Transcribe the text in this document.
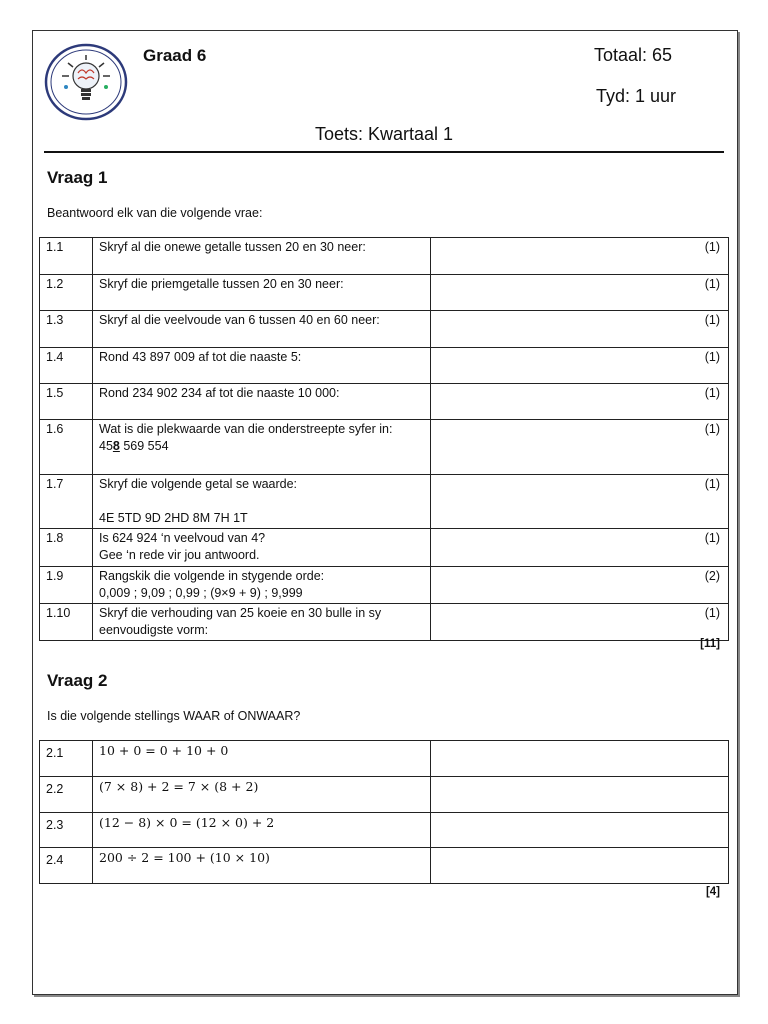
Graad 6	Totaal: 65
Tyd: 1 uur
Toets: Kwartaal 1
Vraag 1
Beantwoord elk van die volgende vrae:
1.1	Skryf al die onewe getalle tussen 20 en 30 neer:	(1)
1.2	Skryf die priemgetalle tussen 20 en 30 neer:	(1)
1.3	Skryf al die veelvoude van 6 tussen 40 en 60 neer:	(1)
1.4	Rond 43 897 009 af tot die naaste 5:	(1)
1.5	Rond 234 902 234 af tot die naaste 10 000:	(1)
1.6	Wat is die plekwaarde van die onderstreepte syfer in:
458 569 554	(1)
1.7	Skryf die volgende getal se waarde:
4E 5TD 9D 2HD 8M 7H 1T	(1)
1.8	Is 624 924 ‘n veelvoud van 4?
Gee ‘n rede vir jou antwoord.	(1)
1.9	Rangskik die volgende in stygende orde:
0,009 ; 9,09 ; 0,99 ; (9×9 + 9) ; 9,999	(2)
1.10	Skryf die verhouding van 25 koeie en 30 bulle in sy eenvoudigste vorm:	(1)
[11]
Vraag 2
Is die volgende stellings WAAR of ONWAAR?
2.1	10 + 0 = 0 + 10 + 0	
2.2	(7 × 8) + 2 = 7 × (8 + 2)	
2.3	(12 − 8) × 0 = (12 × 0) + 2	
2.4	200 ÷ 2 = 100 + (10 × 10)	
[4]
